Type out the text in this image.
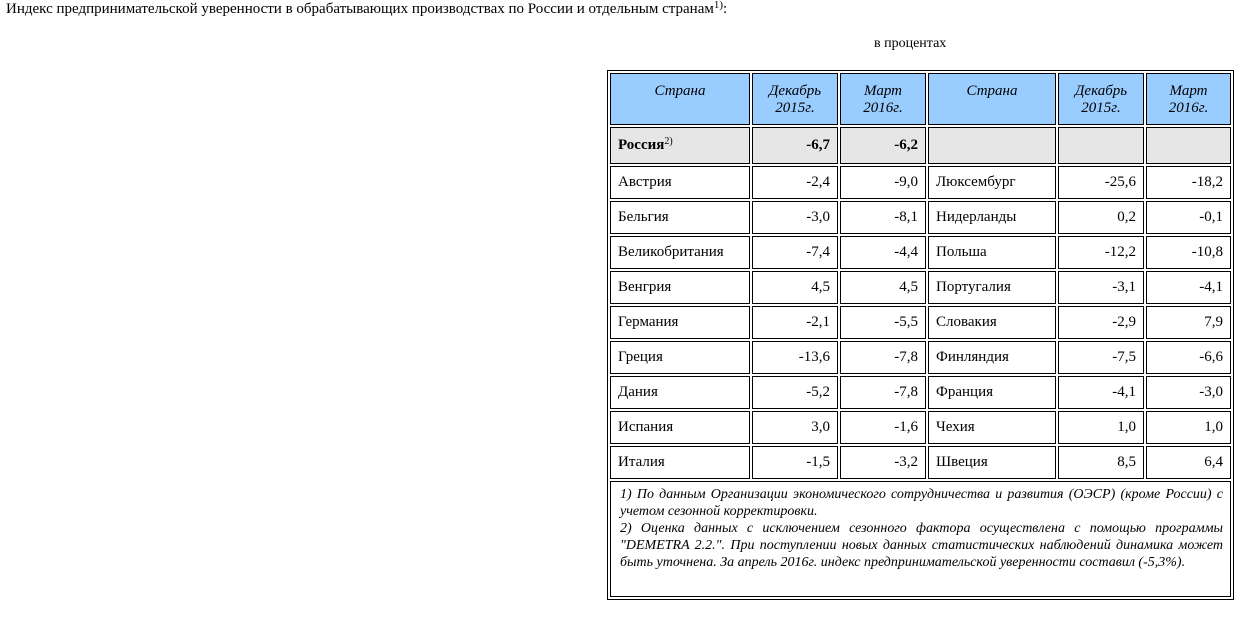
Индекс предпринимательской уверенности в обрабатывающих производствах по России и отдельным странам$^{1)}$:
в процентах
Страна	Декабрь 2015г.	Март 2016г.	Страна	Декабрь 2015г.	Март 2016г.
Россия$^{2)}$	-6,7	-6,2			
Австрия	-2,4	-9,0	Люксембург	-25,6	-18,2
Бельгия	-3,0	-8,1	Нидерланды	0,2	-0,1
Великобритания	-7,4	-4,4	Польша	-12,2	-10,8
Венгрия	4,5	4,5	Португалия	-3,1	-4,1
Германия	-2,1	-5,5	Словакия	-2,9	7,9
Греция	-13,6	-7,8	Финляндия	-7,5	-6,6
Дания	-5,2	-7,8	Франция	-4,1	-3,0
Испания	3,0	-1,6	Чехия	1,0	1,0
Италия	-1,5	-3,2	Швеция	8,5	6,4

1) По данным Организации экономического сотрудничества и развития (ОЭСР) (кроме России) с учетом сезонной корректировки.
2) Оценка данных с исключением сезонного фактора осуществлена с помощью программы "DEMETRA 2.2.". При поступлении новых данных статистических наблюдений динамика может быть уточнена. За апрель 2016г. индекс предпринимательской уверенности составил (-5,3%).					
